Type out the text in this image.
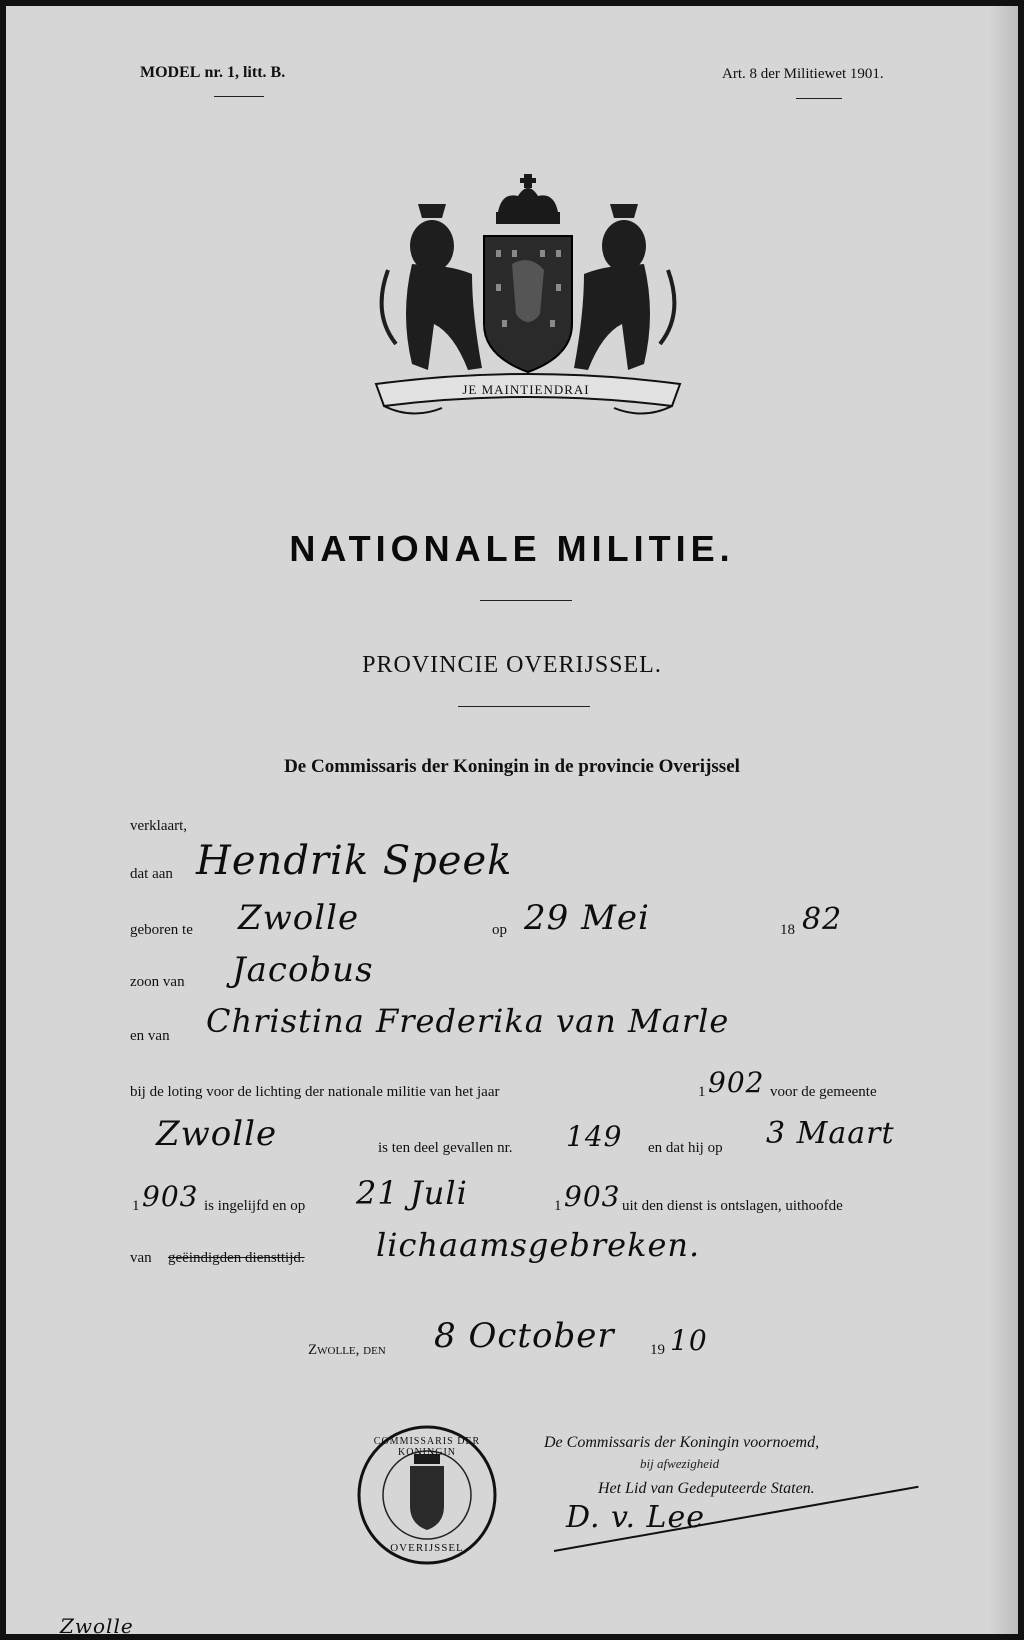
MODEL nr. 1, litt. B.	Art. 8 der Militiewet 1901.
JE MAINTIENDRAI
NATIONALE MILITIE.
PROVINCIE OVERIJSSEL.
De Commissaris der Koningin in de provincie Overijssel
verklaart,
dat aan Hendrik Speek
geboren te Zwolle	op 29 Mei	18 82
zoon van Jacobus
en van Christina Frederika van Marle
bij de loting voor de lichting der nationale militie van het jaar	1 902 voor de gemeente
Zwolle	is ten deel gevallen nr. 149 en dat hij op 3 Maart
1 903 is ingelijfd en op 21 Juli	1 903 uit den dienst is ontslagen, uithoofde
van geëindigden diensttijd. lichaamsgebreken.
Zwolle, den 8 October 19 10
De Commissaris der Koningin voornoemd,
bij afwezigheid
Het Lid van Gedeputeerde Staten.
D. v. Lee
COMMISSARIS DER KONINGIN
OVERIJSSEL
Zwolle
